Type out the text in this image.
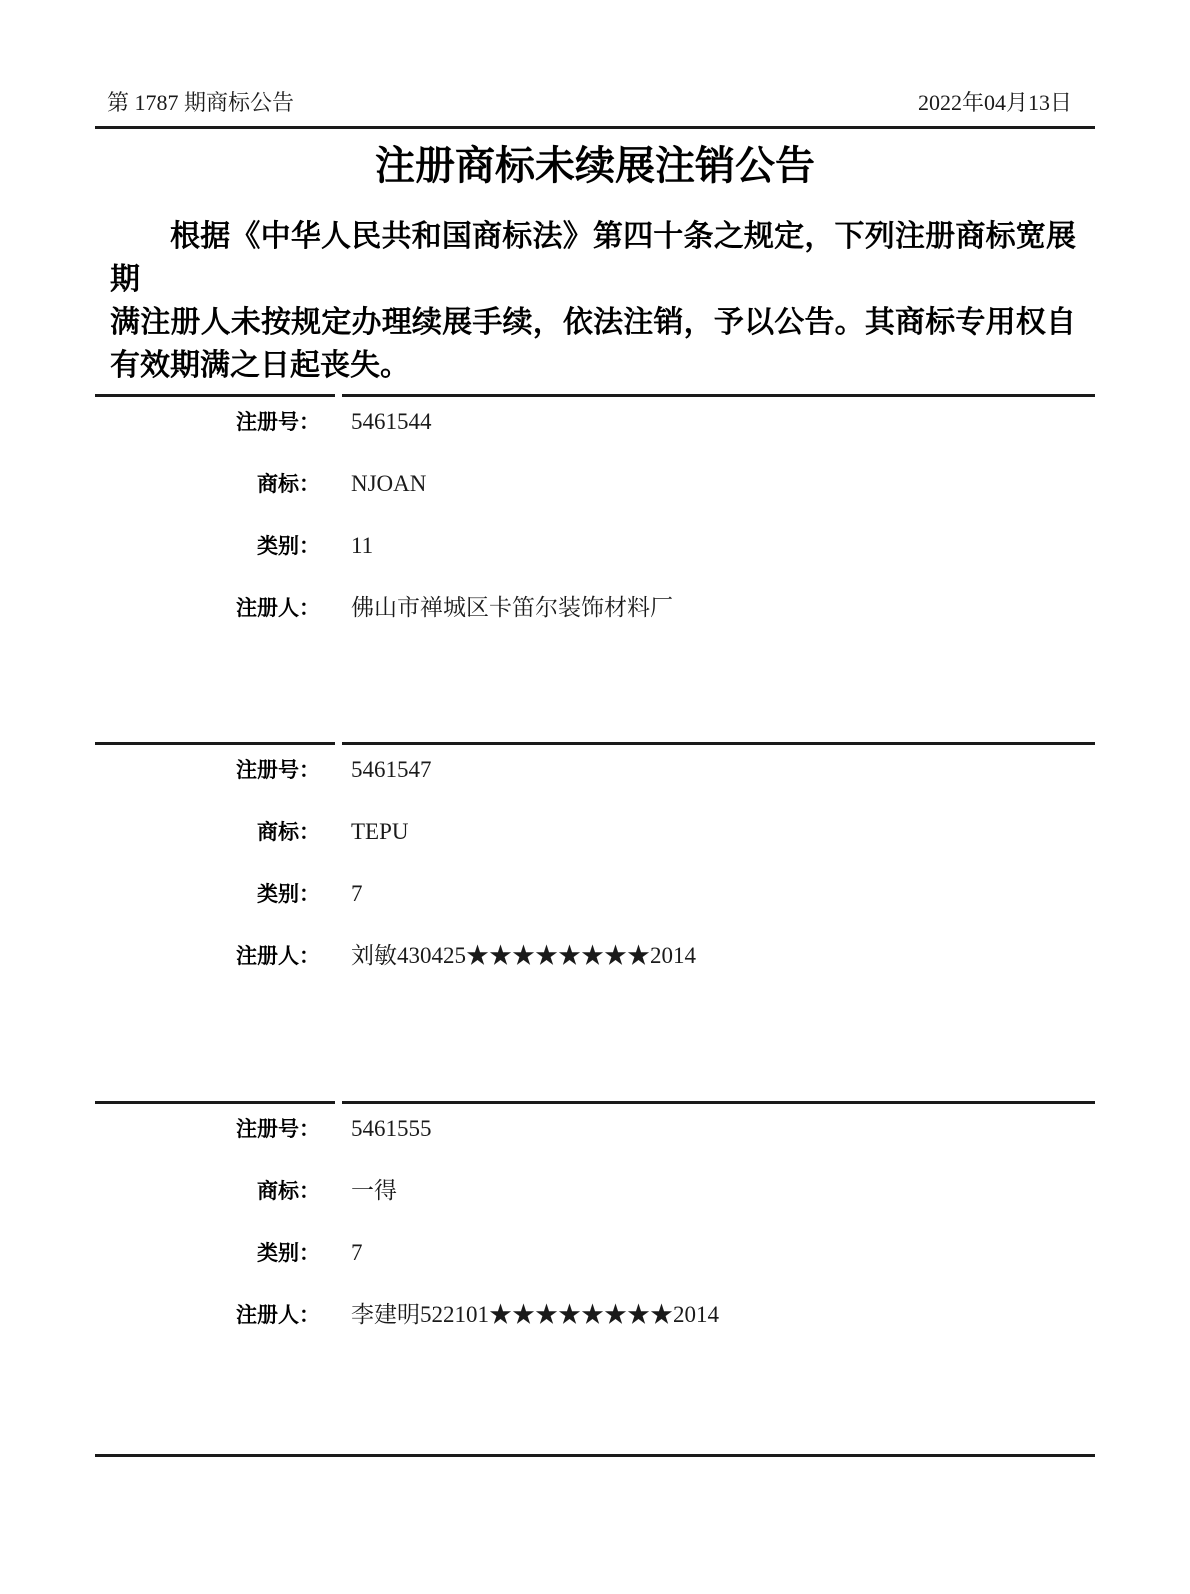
第 1787 期商标公告	2022年04月13日
注册商标未续展注销公告
根据《中华人民共和国商标法》第四十条之规定，下列注册商标宽展期
满注册人未按规定办理续展手续，依法注销，予以公告。其商标专用权自
有效期满之日起丧失。
注册号： 5461544
商标： NJOAN
类别： 11
注册人： 佛山市禅城区卡笛尔装饰材料厂
注册号： 5461547
商标： TEPU
类别： 7
注册人： 刘敏430425★★★★★★★★2014
注册号： 5461555
商标： 一得
类别： 7
注册人： 李建明522101★★★★★★★★2014
